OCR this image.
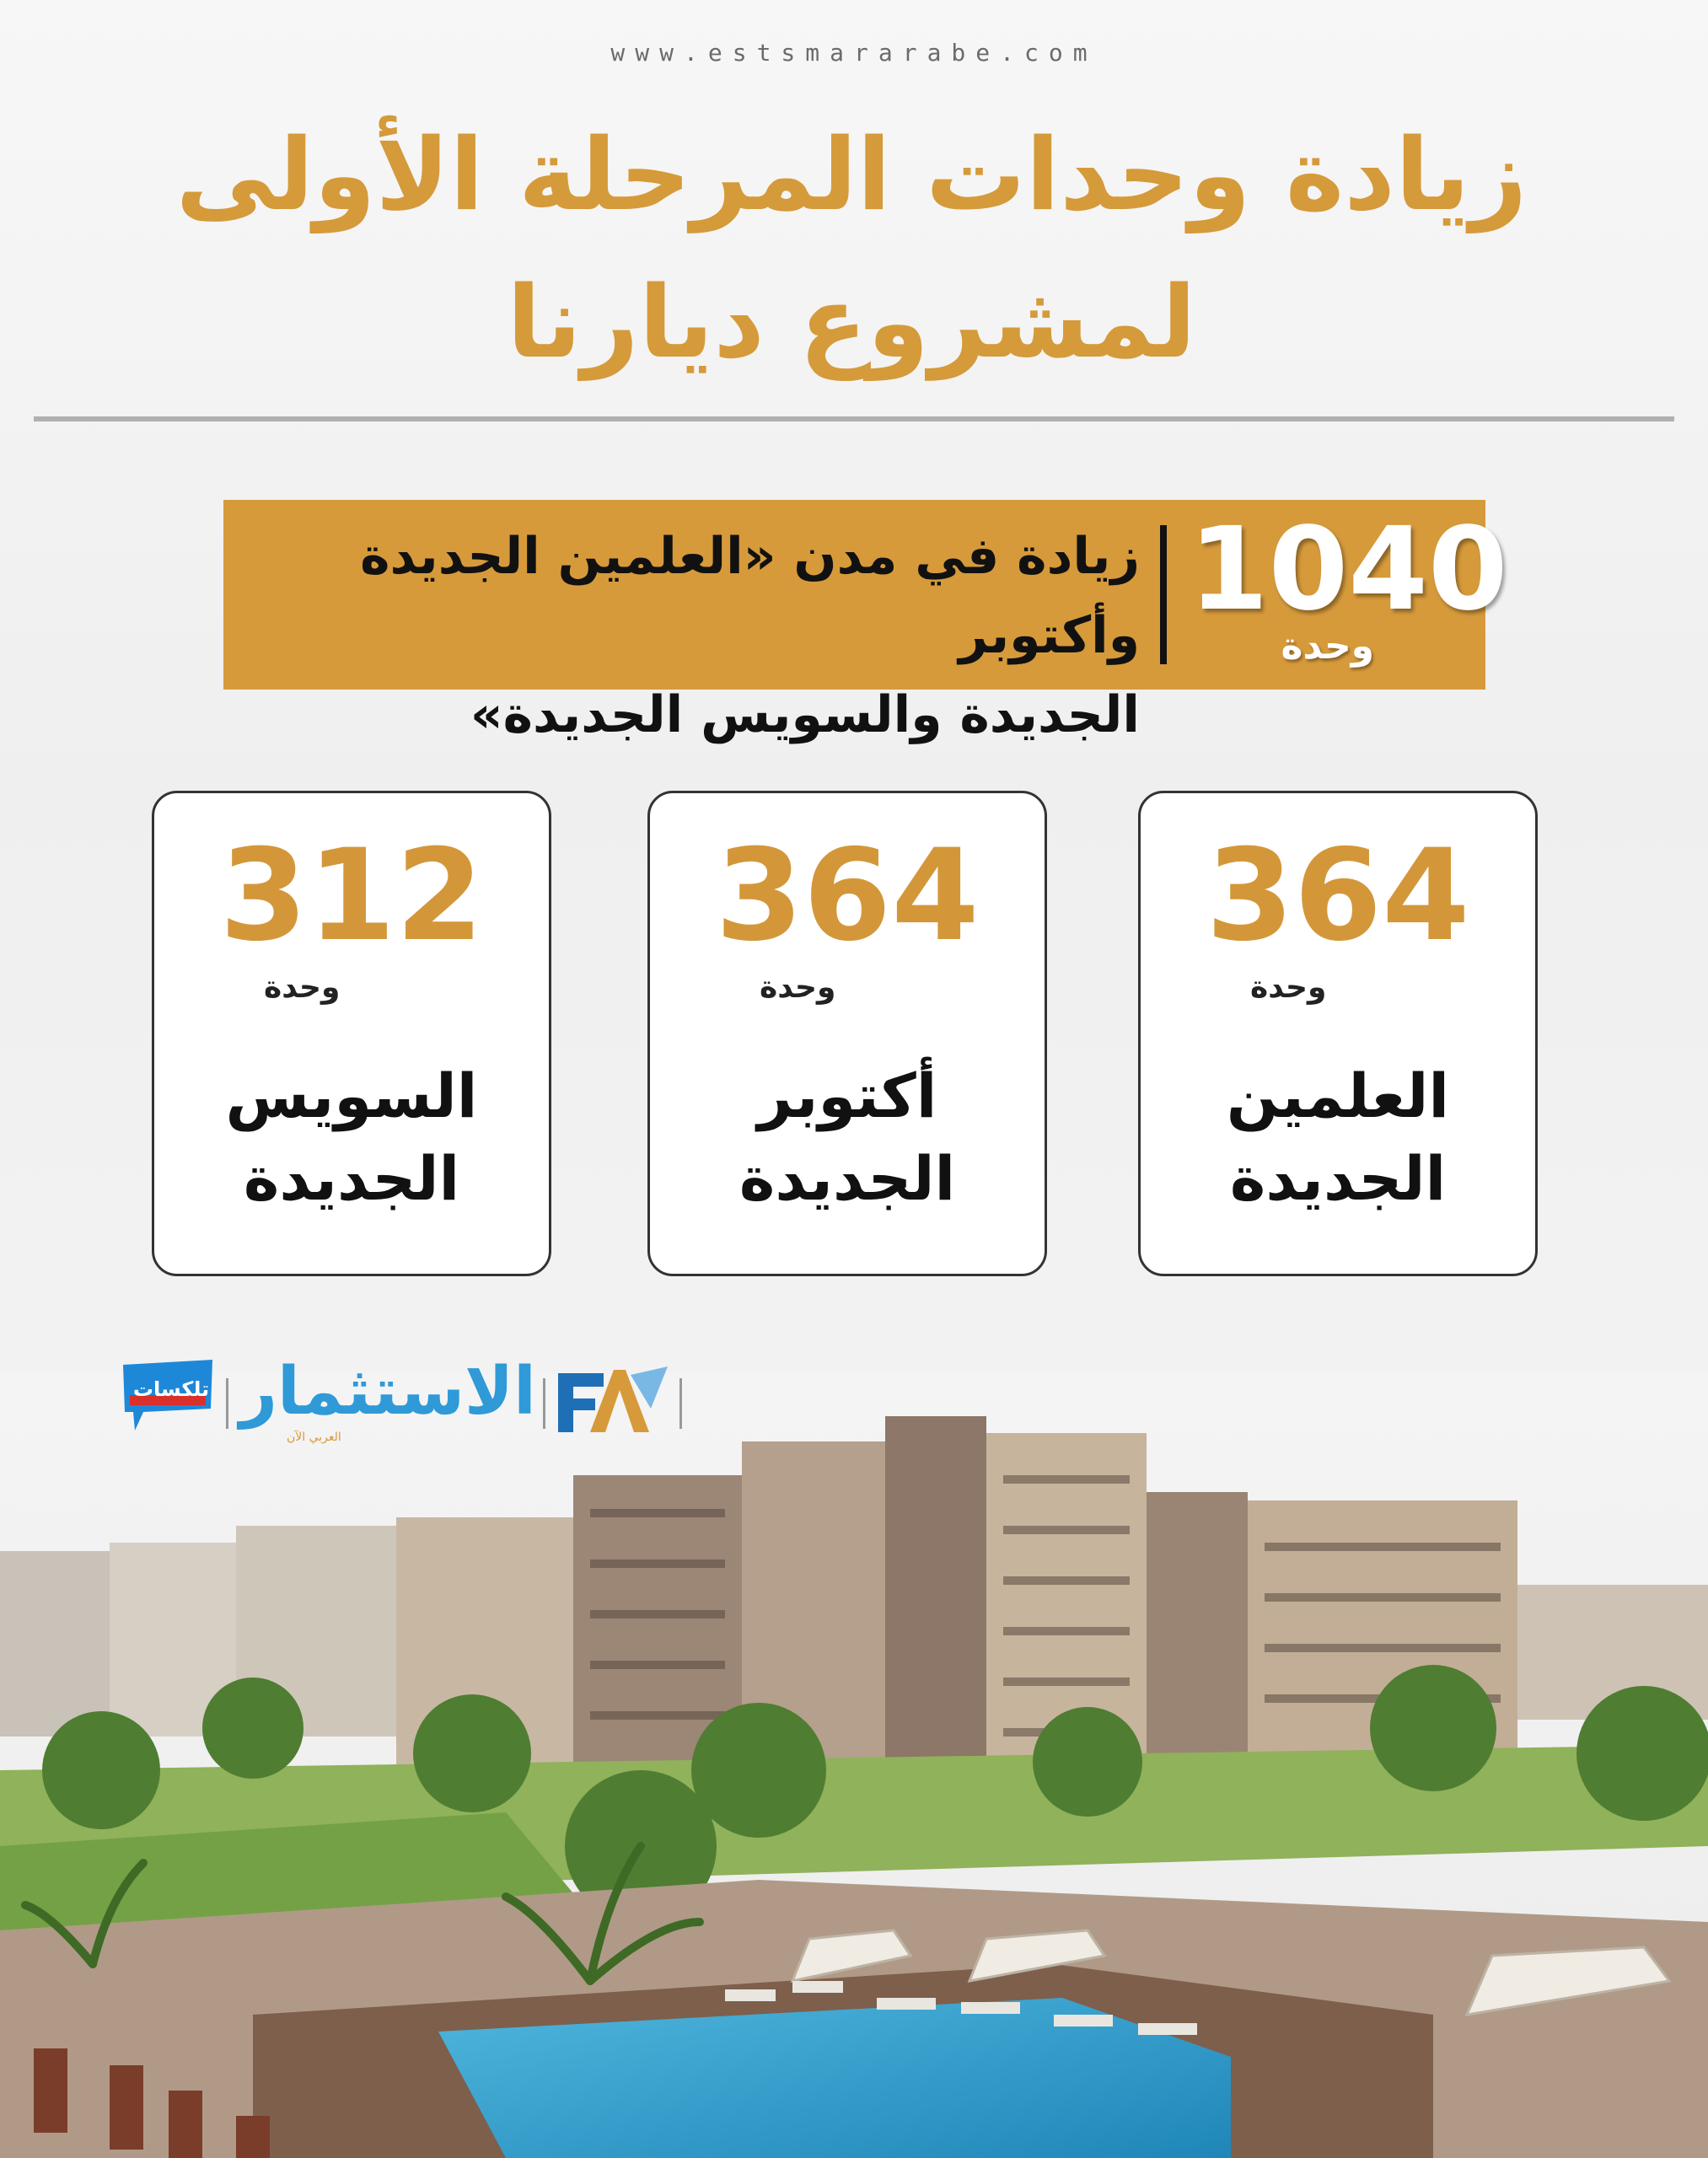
www.estsmararabe.com
زيادة وحدات المرحلة الأولى
لمشروع ديارنا
1040
وحدة
زيادة في مدن «العلمين الجديدة وأكتوبر
الجديدة والسويس الجديدة»
364
وحدة
العلمين
الجديدة
364
وحدة
أكتوبر
الجديدة
312
وحدة
السويس
الجديدة
تلكسات الاستثمار
العربي الآن
